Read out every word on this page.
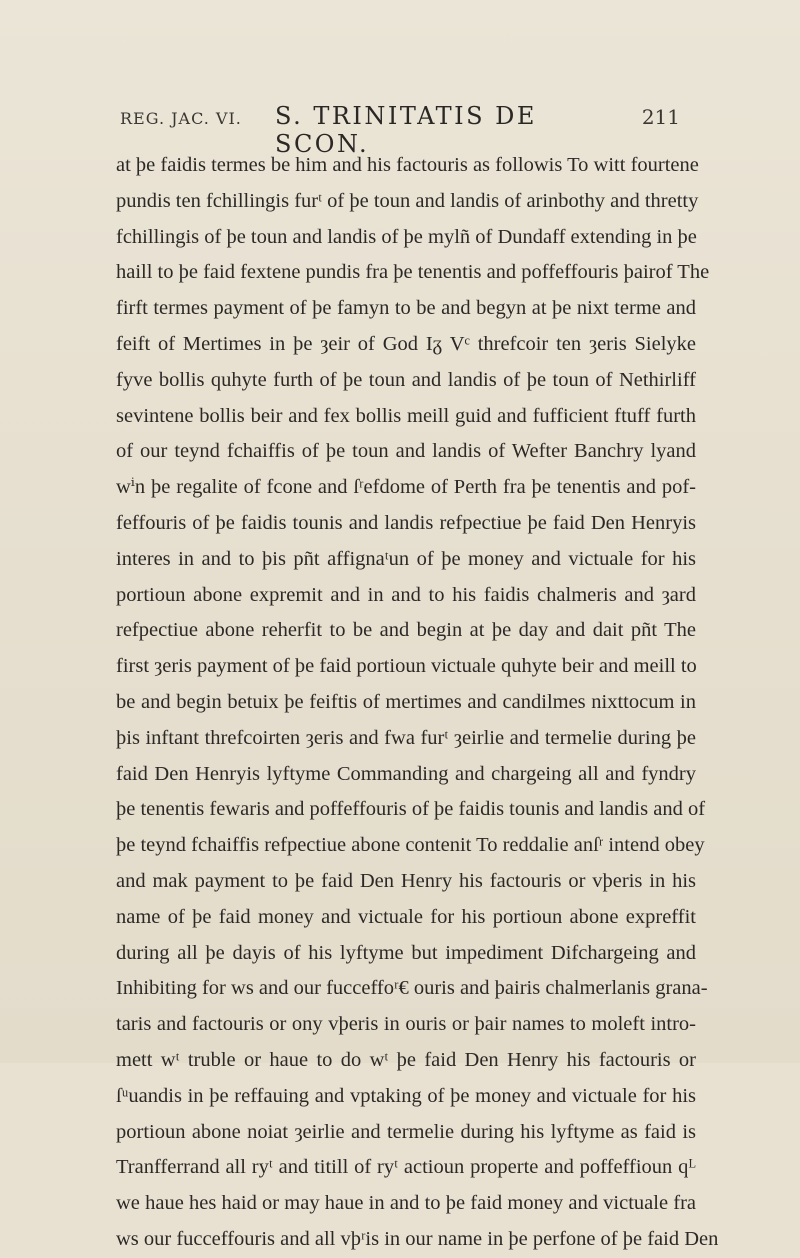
REG. JAC. VI.	S. TRINITATIS DE SCON.
211
at þe faidis termes be him and his factouris as followis To witt fourtene
pundis ten fchillingis furᵗ of þe toun and landis of arinbothy and thretty
fchillingis of þe toun and landis of þe mylñ of Dundaff extending in þe
haill to þe faid fextene pundis fra þe tenentis and poffeffouris þairof The
firft termes payment of þe famyn to be and begyn at þe nixt terme and
feift of Mertimes in þe ȝeir of God Iᵹ Vᶜ threfcoir ten ȝeris Sielyke
fyve bollis quhyte furth of þe toun and landis of þe toun of Nethirliff
sevintene bollis beir and fex bollis meill guid and fufficient ftuff furth
of our teynd fchaiffis of þe toun and landis of Wefter Banchry lyand
wⁱn þe regalite of fcone and ſʳefdome of Perth fra þe tenentis and pof-
feffouris of þe faidis tounis and landis refpectiue þe faid Den Henryis
interes in and to þis pñt affignaᵗun of þe money and victuale for his
portioun abone expremit and in and to his faidis chalmeris and ȝard
refpectiue abone reherfit to be and begin at þe day and dait pñt The
first ȝeris payment of þe faid portioun victuale quhyte beir and meill to
be and begin betuix þe feiftis of mertimes and candilmes nixttocum in
þis inftant threfcoirten ȝeris and fwa furᵗ ȝeirlie and termelie during þe
faid Den Henryis lyftyme Commanding and chargeing all and fyndry
þe tenentis fewaris and poffeffouris of þe faidis tounis and landis and of
þe teynd fchaiffis refpectiue abone contenit To reddalie anſʳ intend obey
and mak payment to þe faid Den Henry his factouris or vþeris in his
name of þe faid money and victuale for his portioun abone expreffit
during all þe dayis of his lyftyme but impediment Difchargeing and
Inhibiting for ws and our fucceffoʳ€ ouris and þairis chalmerlanis grana-
taris and factouris or ony vþeris in ouris or þair names to moleft intro-
mett wᵗ truble or haue to do wᵗ þe faid Den Henry his factouris or
ſᵘuandis in þe reffauing and vptaking of þe money and victuale for his
portioun abone noiat ȝeirlie and termelie during his lyftyme as faid is
Tranfferrand all ryᵗ and titill of ryᵗ actioun properte and poffeffioun qᴸ
we haue hes haid or may haue in and to þe faid money and victuale fra
ws our fucceffouris and all vþʳis in our name in þe perfone of þe faid Den
